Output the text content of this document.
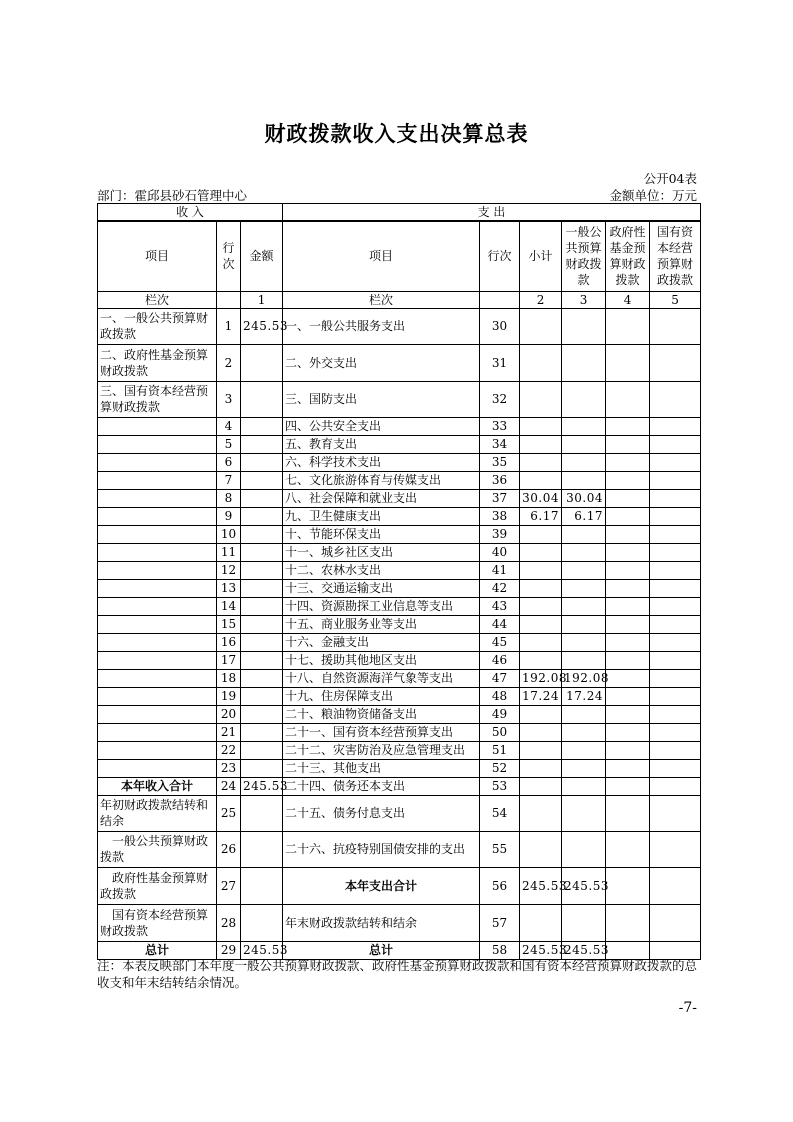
财政拨款收入支出决算总表
公开04表
部门：霍邱县砂石管理中心	金额单位：万元
收 入			支 出					
项目	行次	金额	项目	行次	小计	一般公共预算财政拨款	政府性基金预算财政拨款	国有资本经营预算财政拨款
栏次		1	栏次		2	3	4	5
一、一般公共预算财政拨款	1	245.53	一、一般公共服务支出	30				
二、政府性基金预算财政拨款	2		二、外交支出	31				
三、国有资本经营预算财政拨款	3		三、国防支出	32				
	4		四、公共安全支出	33				
	5		五、教育支出	34				
	6		六、科学技术支出	35				
	7		七、文化旅游体育与传媒支出	36				
	8		八、社会保障和就业支出	37	30.04	30.04		
	9		九、卫生健康支出	38	6.17	6.17		
	10		十、节能环保支出	39				
	11		十一、城乡社区支出	40				
	12		十二、农林水支出	41				
	13		十三、交通运输支出	42				
	14		十四、资源勘探工业信息等支出	43				
	15		十五、商业服务业等支出	44				
	16		十六、金融支出	45				
	17		十七、援助其他地区支出	46				
	18		十八、自然资源海洋气象等支出	47	192.08	192.08		
	19		十九、住房保障支出	48	17.24	17.24		
	20		二十、粮油物资储备支出	49				
	21		二十一、国有资本经营预算支出	50				
	22		二十二、灾害防治及应急管理支出	51				
	23		二十三、其他支出	52				
本年收入合计	24	245.53	二十四、债务还本支出	53				
年初财政拨款结转和结余	25		二十五、债务付息支出	54				
一般公共预算财政拨款	26		二十六、抗疫特别国债安排的支出	55				
政府性基金预算财政拨款	27		本年支出合计	56	245.53	245.53		
国有资本经营预算财政拨款	28		年末财政拨款结转和结余	57				
总计	29	245.53	总计	58	245.53	245.53		
注：本表反映部门本年度一般公共预算财政拨款、政府性基金预算财政拨款和国有资本经营预算财政拨款的总收支和年末结转结余情况。
-7-
